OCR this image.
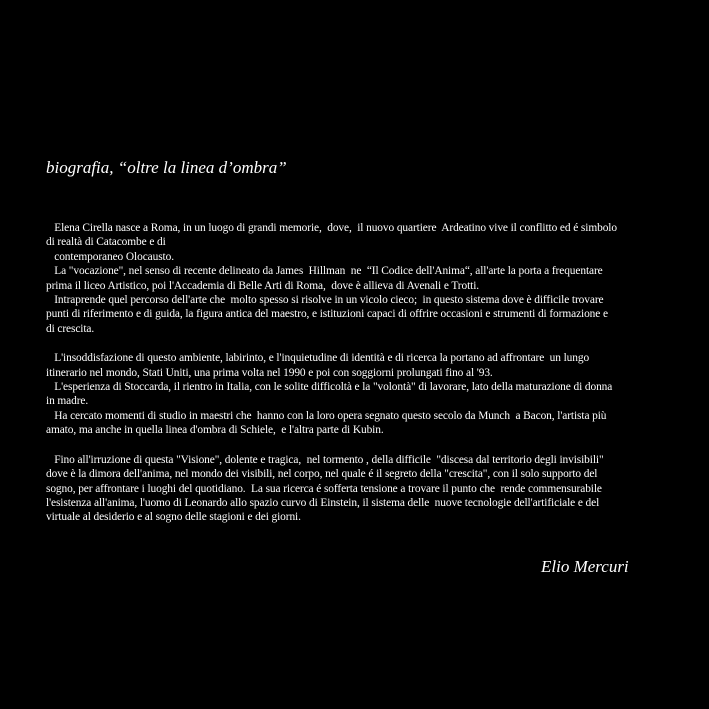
biografia, “oltre la linea d’ombra”
Elena Cirella nasce a Roma, in un luogo di grandi memorie,  dove,  il nuovo quartiere  Ardeatino vive il conflitto ed é simbolo
di realtà di Catacombe e di
contemporaneo Olocausto.
La "vocazione", nel senso di recente delineato da James  Hillman  ne  “Il Codice dell'Anima“, all'arte la porta a frequentare
prima il liceo Artistico, poi l'Accademia di Belle Arti di Roma,  dove è allieva di Avenali e Trotti.
Intraprende quel percorso dell'arte che  molto spesso si risolve in un vicolo cieco;  in questo sistema dove è difficile trovare
punti di riferimento e di guida, la figura antica del maestro, e istituzioni capaci di offrire occasioni e strumenti di formazione e
di crescita.
L'insoddisfazione di questo ambiente, labirinto, e l'inquietudine di identità e di ricerca la portano ad affrontare  un lungo
itinerario nel mondo, Stati Uniti, una prima volta nel 1990 e poi con soggiorni prolungati fino al '93.
L'esperienza di Stoccarda, il rientro in Italia, con le solite difficoltà e la "volontà" di lavorare, lato della maturazione di donna
in madre.
Ha cercato momenti di studio in maestri che  hanno con la loro opera segnato questo secolo da Munch  a Bacon, l'artista più
amato, ma anche in quella linea d'ombra di Schiele,  e l'altra parte di Kubin.
Fino all'irruzione di questa "Visione", dolente e tragica,  nel tormento , della difficile  "discesa dal territorio degli invisibili"
dove è la dimora dell'anima, nel mondo dei visibili, nel corpo, nel quale é il segreto della "crescita", con il solo supporto del
sogno, per affrontare i luoghi del quotidiano.  La sua ricerca é sofferta tensione a trovare il punto che  rende commensurabile
l'esistenza all'anima, l'uomo di Leonardo allo spazio curvo di Einstein, il sistema delle  nuove tecnologie dell'artificiale e del
virtuale al desiderio e al sogno delle stagioni e dei giorni.
Elio Mercuri
